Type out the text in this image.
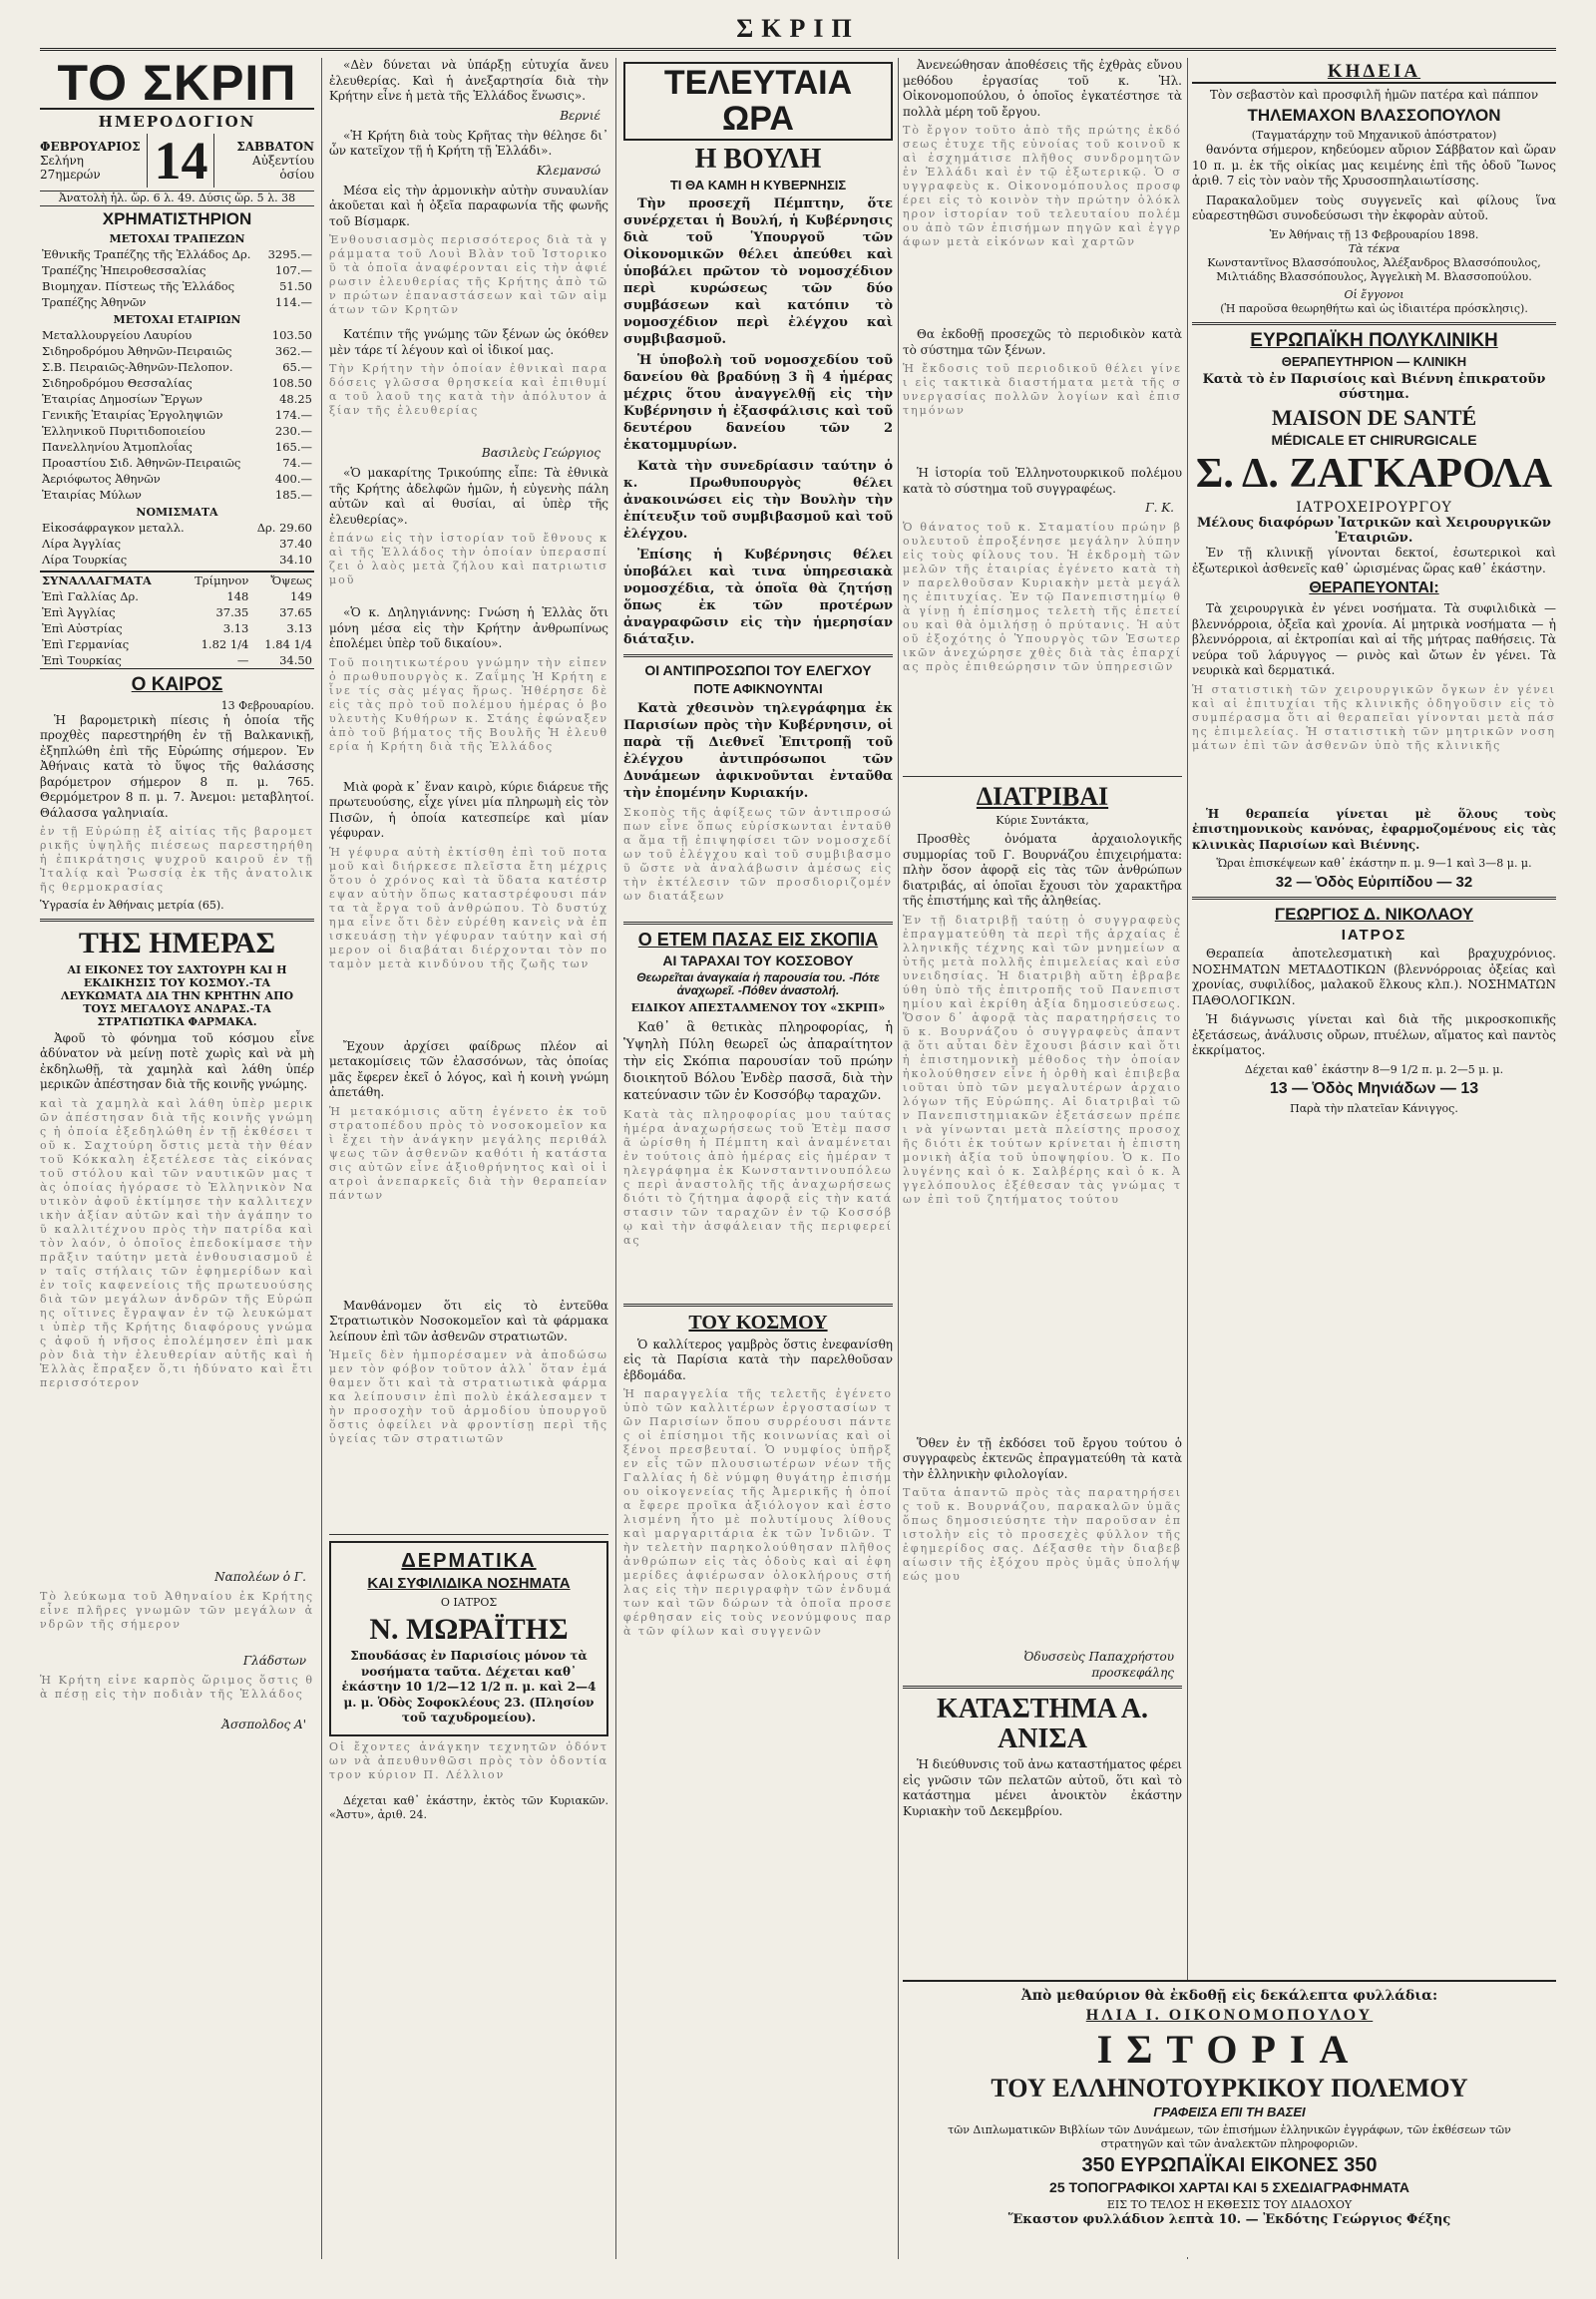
ΣΚΡΙΠ
ΤΟ ΣΚΡΙΠ
ΗΜΕΡΟΔΟΓΙΟΝ
ΦΕΒΡΟΥΑΡΙΟΣ
Σελήνη 27ημερών 14	ΣΑΒΒΑΤΟΝ
Αὐξεντίου ὁσίου
Ἀνατολὴ ἡλ. ὥρ. 6 λ. 49. Δύσις ὥρ. 5 λ. 38
ΧΡΗΜΑΤΙΣΤΗΡΙΟΝ
ΜΕΤΟΧΑΙ ΤΡΑΠΕΖΩΝ
Ἐθνικῆς Τραπέζης τῆς Ἑλλάδος Δρ.	3295.—
Τραπέζης Ἠπειροθεσσαλίας	107.—
Βιομηχαν. Πίστεως τῆς Ἑλλάδος	51.50
Τραπέζης Ἀθηνῶν	114.—
ΜΕΤΟΧΑΙ ΕΤΑΙΡΙΩΝ
Μεταλλουργείου Λαυρίου	103.50
Σιδηροδρόμου Ἀθηνῶν-Πειραιῶς	362.—
Σ.Β. Πειραιῶς-Ἀθηνῶν-Πελοπον.	65.—
Σιδηροδρόμου Θεσσαλίας	108.50
Ἑταιρίας Δημοσίων Ἔργων	48.25
Γενικῆς Ἑταιρίας Ἐργοληψιῶν	174.—
Ἑλληνικοῦ Πυριτιδοποιείου	230.—
Πανελληνίου Ἀτμοπλοΐας	165.—
Προαστίου Σιδ. Ἀθηνῶν-Πειραιῶς	74.—
Ἀεριόφωτος Ἀθηνῶν	400.—
Ἑταιρίας Μύλων	185.—
ΝΟΜΙΣΜΑΤΑ
Εἰκοσάφραγκον μεταλλ.	Δρ. 29.60
Λίρα Ἀγγλίας	37.40
Λίρα Τουρκίας	34.10
ΣΥΝΑΛΛΑΓΜΑΤΑ	Τρίμηνον	Ὄψεως
Ἐπὶ Γαλλίας Δρ.	148	149
Ἐπὶ Ἀγγλίας	37.35	37.65
Ἐπὶ Αὐστρίας	3.13	3.13
Ἐπὶ Γερμανίας	1.82 1/4	1.84 1/4
Ἐπὶ Τουρκίας	—	34.50
Ο ΚΑΙΡΟΣ
13 Φεβρουαρίου.

Ἡ βαρομετρικὴ πίεσις ἡ ὁποία τῆς προχθὲς παρεστηρήθη ἐν τῇ Βαλκανικῇ, ἐξηπλώθη ἐπὶ τῆς Εὐρώπης σήμερον. Ἐν Ἀθήναις κατὰ τὸ ὕψος τῆς θαλάσσης βαρόμετρον σήμερον 8 π. μ. 765. Θερμόμετρον 8 π. μ. 7. Ἀνεμοι: μεταβλητοί. Θάλασσα γαληνιαία.

ἐν τῇ Εὐρώπῃ ἐξ αἰτίας τῆς βαρομετρικῆς ὑψηλῆς πιέσεως παρεστηρήθη ἡ ἐπικράτησις ψυχροῦ καιροῦ ἐν τῇ Ἰταλίᾳ καὶ Ῥωσσίᾳ ἐκ τῆς ἀνατολικῆς θερμοκρασίας
Ὑγρασία ἐν Ἀθήναις μετρία (65).
ΤΗΣ ΗΜΕΡΑΣ
ΑΙ ΕΙΚΟΝΕΣ ΤΟΥ ΣΑΧΤΟΥΡΗ ΚΑΙ Η ΕΚΔΙΚΗΣΙΣ ΤΟΥ ΚΟΣΜΟΥ.-ΤΑ ΛΕΥΚΩΜΑΤΑ ΔΙΑ ΤΗΝ ΚΡΗΤΗΝ ΑΠΟ ΤΟΥΣ ΜΕΓΑΛΟΥΣ ΑΝΔΡΑΣ.-ΤΑ ΣΤΡΑΤΙΩΤΙΚΑ ΦΑΡΜΑΚΑ.

Ἀφοῦ τὸ φόνημα τοῦ κόσμου εἶνε ἀδύνατον νὰ μείνῃ ποτὲ χωρὶς καὶ νὰ μὴ ἐκδηλωθῇ, τὰ χαμηλὰ καὶ λάθη ὑπέρ μερικῶν ἀπέστησαν διὰ τῆς κοινῆς γνώμης.

καὶ τὰ χαμηλὰ καὶ λάθη ὑπὲρ μερικῶν ἀπέστησαν διὰ τῆς κοινῆς γνώμης ἡ ὁποία ἐξεδηλώθη ἐν τῇ ἐκθέσει τοῦ κ. Σαχτούρη ὅστις μετὰ τὴν θέαν τοῦ Κόκκαλη ἐξετέλεσε τὰς εἰκόνας τοῦ στόλου καὶ τῶν ναυτικῶν μας τὰς ὁποίας ἠγόρασε τὸ Ἑλληνικὸν Ναυτικὸν ἀφοῦ ἐκτίμησε τὴν καλλιτεχνικὴν ἀξίαν αὐτῶν καὶ τὴν ἀγάπην τοῦ καλλιτέχνου πρὸς τὴν πατρίδα καὶ τὸν λαόν, ὁ ὁποῖος ἐπεδοκίμασε τὴν πρᾶξιν ταύτην μετὰ ἐνθουσιασμοῦ ἐν ταῖς στήλαις τῶν ἐφημερίδων καὶ ἐν τοῖς καφενείοις τῆς πρωτευούσης διὰ τῶν μεγάλων ἀνδρῶν τῆς Εὐρώπης οἵτινες ἔγραψαν ἐν τῷ λευκώματι ὑπὲρ τῆς Κρήτης διαφόρους γνώμας ἀφοῦ ἡ νῆσος ἐπολέμησεν ἐπὶ μακρὸν διὰ τὴν ἐλευθερίαν αὐτῆς καὶ ἡ Ἑλλὰς ἔπραξεν ὅ,τι ἠδύνατο καὶ ἔτι περισσότερον
Ναπολέων ὁ Γ.
Τὸ λεύκωμα τοῦ Ἀθηναίου ἐκ Κρήτης εἶνε πλῆρες γνωμῶν τῶν μεγάλων ἀνδρῶν τῆς σήμερον
Γλάδστων
Ἡ Κρήτη εἶνε καρπὸς ὥριμος ὅστις θὰ πέσῃ εἰς τὴν ποδιὰν τῆς Ἑλλάδος
Ἀσσπολδος Α'

«Δὲν δύνεται νὰ ὑπάρξῃ εὐτυχία ἄνευ ἐλευθερίας. Καὶ ἡ ἀνεξαρτησία διὰ τὴν Κρήτην εἶνε ἡ μετὰ τῆς Ἑλλάδος ἕνωσις».

Βερνιέ

«Ἡ Κρήτη διὰ τοὺς Κρῆτας τὴν θέλησε δι᾿ ὧν κατεῖχον τῇ ἡ Κρήτη τῇ Ἑλλάδι».

Κλεμανσώ

Μέσα εἰς τὴν ἀρμονικὴν αὐτὴν συναυλίαν ἀκοῦεται καὶ ἡ ὀξεῖα παραφωνία τῆς φωνῆς τοῦ Βίσμαρκ.

Ἐνθουσιασμὸς περισσότερος διὰ τὰ γράμματα τοῦ Λουὶ Βλὰν τοῦ Ἱστορικοῦ τὰ ὁποῖα ἀναφέρονται εἰς τὴν ἀφιέρωσιν ἐλευθερίας τῆς Κρήτης ἀπὸ τῶν πρώτων ἐπαναστάσεων καὶ τῶν αἱμάτων τῶν Κρητῶν

Κατέπιν τῆς γνώμης τῶν ξένων ὡς ὁκόθεν μὲν τάρε τί λέγουν καὶ οἱ ἰδικοί μας.

Τὴν Κρήτην τὴν ὁποίαν ἐθνικαὶ παραδόσεις γλῶσσα θρησκεία καὶ ἐπιθυμία τοῦ λαοῦ της κατὰ τὴν ἀπόλυτον ἀξίαν τῆς ἐλευθερίας
Βασιλεὺς Γεώργιος

«Ὁ μακαρίτης Τρικούπης εἶπε: Τὰ ἐθνικὰ τῆς Κρήτης ἀδελφῶν ἡμῶν, ἡ εὐγενὴς πάλη αὐτῶν καὶ αἱ θυσίαι, αἱ ὑπὲρ τῆς ἐλευθερίας».

ἐπάνω εἰς τὴν ἱστορίαν τοῦ ἔθνους καὶ τῆς Ἑλλάδος τὴν ὁποίαν ὑπερασπίζει ὁ λαὸς μετὰ ζήλου καὶ πατριωτισμοῦ

«Ὁ κ. Δηληγιάννης: Γνώση ἡ Ἑλλὰς ὅτι μόνη μέσα εἰς τὴν Κρήτην ἀνθρωπίνως ἐπολέμει ὑπὲρ τοῦ δικαίου».

Τοῦ ποιητικωτέρου γνώμην τὴν εἶπεν ὁ πρωθυπουργὸς κ. Ζαΐμης Ἡ Κρήτη εἶνε τίς σὰς μέγας ἥρως. Ἠθέρησε δὲ εἰς τὰς πρὸ τοῦ πολέμου ἡμέρας ὁ βουλευτὴς Κυθήρων κ. Στάης ἐφώναξεν ἀπὸ τοῦ βήματος τῆς Βουλῆς Ἡ ἐλευθερία ἡ Κρήτη διὰ τῆς Ἑλλάδος

Μιὰ φορὰ κ᾿ ἕναν καιρὸ, κύριε διάρευε τῆς πρωτευούσης, εἶχε γίνει μία πληρωμὴ εἰς τὸν Πισῶν, ἡ ὁποία κατεσπείρε καὶ μίαν γέφυραν.

Ἡ γέφυρα αὐτὴ ἐκτίσθη ἐπὶ τοῦ ποταμοῦ καὶ διήρκεσε πλεῖστα ἔτη μέχρις ὅτου ὁ χρόνος καὶ τὰ ὕδατα κατέστρεψαν αὐτὴν ὅπως καταστρέφουσι πάντα τὰ ἔργα τοῦ ἀνθρώπου. Τὸ δυστύχημα εἶνε ὅτι δὲν εὑρέθη κανεὶς νὰ ἐπισκευάσῃ τὴν γέφυραν ταύτην καὶ σήμερον οἱ διαβάται διέρχονται τὸν ποταμὸν μετὰ κινδύνου τῆς ζωῆς των

Ἔχουν ἀρχίσει φαίδρως πλέον αἱ μετακομίσεις τῶν ἐλασσόνων, τὰς ὁποίας μᾶς ἔφερεν ἐκεῖ ὁ λόγος, καὶ ἡ κοινὴ γνώμη ἀπετάθη.

Ἡ μετακόμισις αὕτη ἐγένετο ἐκ τοῦ στρατοπέδου πρὸς τὸ νοσοκομεῖον καὶ ἔχει τὴν ἀνάγκην μεγάλης περιθάλψεως τῶν ἀσθενῶν καθότι ἡ κατάστασις αὐτῶν εἶνε ἀξιοθρήνητος καὶ οἱ ἰατροὶ ἀνεπαρκεῖς διὰ τὴν θεραπείαν πάντων

Μανθάνομεν ὅτι εἰς τὸ ἐντεῦθα Στρατιωτικὸν Νοσοκομεῖον καὶ τὰ φάρμακα λείπουν ἐπὶ τῶν ἀσθενῶν στρατιωτῶν.

Ἡμεῖς δὲν ἠμπορέσαμεν νὰ ἀποδώσωμεν τὸν φόβον τοῦτον ἀλλ᾿ ὅταν ἐμάθαμεν ὅτι καὶ τὰ στρατιωτικὰ φάρμακα λείπουσιν ἐπὶ πολὺ ἐκάλεσαμεν τὴν προσοχὴν τοῦ ἁρμοδίου ὑπουργοῦ ὅστις ὀφείλει νὰ φροντίσῃ περὶ τῆς ὑγείας τῶν στρατιωτῶν
ΔΕΡΜΑΤΙΚΑ
ΚΑΙ ΣΥΦΙΛΙΔΙΚΑ ΝΟΣΗΜΑΤΑ
Ο ΙΑΤΡΟΣ
Ν. ΜΩΡΑΪΤΗΣ

Σπουδάσας ἐν Παρισίοις μόνον τὰ νοσήματα ταῦτα. Δέχεται καθ᾿ ἑκάστην 10 1/2—12 1/2 π. μ. καὶ 2—4 μ. μ. Ὁδὸς Σοφοκλέους 23. (Πλησίον τοῦ ταχυδρομείου).

Οἱ ἔχοντες ἀνάγκην τεχνητῶν ὀδόντων νὰ ἀπευθυνθῶσι πρὸς τὸν ὀδοντίατρον κύριον Π. Λέλλιον

Δέχεται καθ᾿ ἑκάστην, ἐκτὸς τῶν Κυριακῶν. «Ἀστυ», ἀριθ. 24.

ΤΕΛΕΥΤΑΙΑ ΩΡΑ
Η ΒΟΥΛΗ
ΤΙ ΘΑ ΚΑΜΗ Η ΚΥΒΕΡΝΗΣΙΣ

Τὴν προσεχῆ Πέμπτην, ὅτε συνέρχεται ἡ Βουλή, ἡ Κυβέρνησις διὰ τοῦ Ὑπουργοῦ τῶν Οἰκονομικῶν θέλει ἀπεύθει καὶ ὑποβάλει πρῶτον τὸ νομοσχέδιον περὶ κυρώσεως τῶν δύο συμβάσεων καὶ κατόπιν τὸ νομοσχέδιον περὶ ἐλέγχου καὶ συμβιβασμοῦ.

Ἡ ὑποβολὴ τοῦ νομοσχεδίου τοῦ δανείου θὰ βραδύνῃ 3 ἢ 4 ἡμέρας μέχρις ὅτου ἀναγγελθῇ εἰς τὴν Κυβέρνησιν ἡ ἐξασφάλισις καὶ τοῦ δευτέρου δανείου τῶν 2 ἑκατομμυρίων.

Κατὰ τὴν συνεδρίασιν ταύτην ὁ κ. Πρωθυπουργὸς θέλει ἀνακοινώσει εἰς τὴν Βουλὴν τὴν ἐπίτευξιν τοῦ συμβιβασμοῦ καὶ τοῦ ἐλέγχου.

Ἐπίσης ἡ Κυβέρνησις θέλει ὑποβάλει καὶ τινα ὑπηρεσιακὰ νομοσχέδια, τὰ ὁποῖα θὰ ζητήσῃ ὅπως ἐκ τῶν προτέρων ἀναγραφῶσιν εἰς τὴν ἡμερησίαν διάταξιν.

ΟΙ ΑΝΤΙΠΡΟΣΩΠΟΙ ΤΟΥ ΕΛΕΓΧΟΥ
ΠΟΤΕ ΑΦΙΚΝΟΥΝΤΑΙ

Κατὰ χθεσινὸν τηλεγράφημα ἐκ Παρισίων πρὸς τὴν Κυβέρνησιν, οἱ παρὰ τῇ Διεθνεῖ Ἐπιτροπῇ τοῦ ἐλέγχου ἀντιπρόσωποι τῶν Δυνάμεων ἀφικνοῦνται ἐνταῦθα τὴν ἐπομένην Κυριακήν.

Σκοπὸς τῆς ἀφίξεως τῶν ἀντιπροσώπων εἶνε ὅπως εὑρίσκωνται ἐνταῦθα ἅμα τῇ ἐπιψηφίσει τῶν νομοσχεδίων τοῦ ἐλέγχου καὶ τοῦ συμβιβασμοῦ ὥστε νὰ ἀναλάβωσιν ἀμέσως εἰς τὴν ἐκτέλεσιν τῶν προσδιοριζομένων διατάξεων
Ο ΕΤΕΜ ΠΑΣΑΣ ΕΙΣ ΣΚΟΠΙΑ
ΑΙ ΤΑΡΑΧΑΙ ΤΟΥ ΚΟΣΣΟΒΟΥ
Θεωρεῖται ἀναγκαία ἡ παρουσία του. -Πότε ἀναχωρεῖ. -Πόθεν ἀναστολή.
ΕΙΔΙΚΟΥ ΑΠΕΣΤΑΛΜΕΝΟΥ ΤΟΥ «ΣΚΡΙΠ»

Καθ᾿ ἃ θετικὰς πληροφορίας, ἡ Ὑψηλὴ Πύλη θεωρεῖ ὡς ἀπαραίτητον τὴν εἰς Σκόπια παρουσίαν τοῦ πρώην διοικητοῦ Βόλου Ἐνδὲρ πασσᾶ, διὰ τὴν κατεύνασιν τῶν ἐν Κοσσόβῳ ταραχῶν.

Κατὰ τὰς πληροφορίας μου ταύτας ἡμέρα ἀναχωρήσεως τοῦ Ἐτὲμ πασσᾶ ὡρίσθη ἡ Πέμπτη καὶ ἀναμένεται ἐν τούτοις ἀπὸ ἡμέρας εἰς ἡμέραν τηλεγράφημα ἐκ Κωνσταντινουπόλεως περὶ ἀναστολῆς τῆς ἀναχωρήσεως διότι τὸ ζήτημα ἀφορᾷ εἰς τὴν κατάστασιν τῶν ταραχῶν ἐν τῷ Κοσσόβῳ καὶ τὴν ἀσφάλειαν τῆς περιφερείας
ΤΟΥ ΚΟΣΜΟΥ

Ὁ καλλίτερος γαμβρὸς ὅστις ἐνεφανίσθη εἰς τὰ Παρίσια κατὰ τὴν παρελθοῦσαν ἑβδομάδα.

Ἡ παραγγελία τῆς τελετῆς ἐγένετο ὑπὸ τῶν καλλιτέρων ἐργοστασίων τῶν Παρισίων ὅπου συρρέουσι πάντες οἱ ἐπίσημοι τῆς κοινωνίας καὶ οἱ ξένοι πρεσβευταί. Ὁ νυμφίος ὑπῆρξεν εἷς τῶν πλουσιωτέρων νέων τῆς Γαλλίας ἡ δὲ νύμφη θυγάτηρ ἐπισήμου οἰκογενείας τῆς Ἀμερικῆς ἡ ὁποία ἔφερε προῖκα ἀξιόλογον καὶ ἐστολισμένη ἦτο μὲ πολυτίμους λίθους καὶ μαργαριτάρια ἐκ τῶν Ἰνδιῶν. Τὴν τελετὴν παρηκολούθησαν πλῆθος ἀνθρώπων εἰς τὰς ὁδοὺς καὶ αἱ ἐφημερίδες ἀφιέρωσαν ὁλοκλήρους στήλας εἰς τὴν περιγραφὴν τῶν ἐνδυμάτων καὶ τῶν δώρων τὰ ὁποῖα προσεφέρθησαν εἰς τοὺς νεονύμφους παρὰ τῶν φίλων καὶ συγγενῶν

Ἀνενεώθησαν ἀποθέσεις τῆς ἐχθρὰς εὔνου μεθόδου ἐργασίας τοῦ κ. Ἡλ. Οἰκονομοπούλου, ὁ ὁποῖος ἐγκατέστησε τὰ πολλὰ μέρη τοῦ ἔργου.

Τὸ ἔργον τοῦτο ἀπὸ τῆς πρώτης ἐκδόσεως ἐτυχε τῆς εὐνοίας τοῦ κοινοῦ καὶ ἐσχημάτισε πλῆθος συνδρομητῶν ἐν Ἑλλάδι καὶ ἐν τῷ ἐξωτερικῷ. Ὁ συγγραφεὺς κ. Οἰκονομόπουλος προσφέρει εἰς τὸ κοινὸν τὴν πρώτην ὁλόκληρον ἱστορίαν τοῦ τελευταίου πολέμου ἀπὸ τῶν ἐπισήμων πηγῶν καὶ ἐγγράφων μετὰ εἰκόνων καὶ χαρτῶν

Θα ἐκδοθῇ προσεχῶς τὸ περιοδικὸν κατὰ τὸ σύστημα τῶν ξένων.

Ἡ ἔκδοσις τοῦ περιοδικοῦ θέλει γίνει εἰς τακτικὰ διαστήματα μετὰ τῆς συνεργασίας πολλῶν λογίων καὶ ἐπιστημόνων

Ἡ ἱστορία τοῦ Ἑλληνοτουρκικοῦ πολέμου κατὰ τὸ σύστημα τοῦ συγγραφέως.

Γ. Κ.
Ὁ θάνατος τοῦ κ. Σταματίου πρώην βουλευτοῦ ἐπροξένησε μεγάλην λύπην εἰς τοὺς φίλους του. Ἡ ἐκδρομὴ τῶν μελῶν τῆς ἑταιρίας ἐγένετο κατὰ τὴν παρελθοῦσαν Κυριακὴν μετὰ μεγάλης ἐπιτυχίας. Ἐν τῷ Πανεπιστημίῳ θὰ γίνῃ ἡ ἐπίσημος τελετὴ τῆς ἐπετείου καὶ θὰ ὁμιλήσῃ ὁ πρύτανις. Ἡ αὐτοῦ ἐξοχότης ὁ Ὑπουργὸς τῶν Ἐσωτερικῶν ἀνεχώρησε χθὲς διὰ τὰς ἐπαρχίας πρὸς ἐπιθεώρησιν τῶν ὑπηρεσιῶν
ΔΙΑΤΡΙΒΑΙ
Κύριε Συντάκτα,

Προσθὲς ὀνόματα ἀρχαιολογικῆς συμμορίας τοῦ Γ. Βουρνάζου ἐπιχειρήματα: πλὴν ὅσον ἀφορᾷ εἰς τὰς τῶν ἀνθρώπων διατριβάς, αἱ ὁποῖαι ἔχουσι τὸν χαρακτῆρα τῆς ἐπιστήμης καὶ τῆς ἀληθείας.

Ἐν τῇ διατριβῇ ταύτῃ ὁ συγγραφεὺς ἐπραγματεύθη τὰ περὶ τῆς ἀρχαίας ἑλληνικῆς τέχνης καὶ τῶν μνημείων αὐτῆς μετὰ πολλῆς ἐπιμελείας καὶ εὐσυνειδησίας. Ἡ διατριβὴ αὕτη ἐβραβεύθη ὑπὸ τῆς ἐπιτροπῆς τοῦ Πανεπιστημίου καὶ ἐκρίθη ἀξία δημοσιεύσεως. Ὅσον δ᾿ ἀφορᾷ τὰς παρατηρήσεις τοῦ κ. Βουρνάζου ὁ συγγραφεὺς ἀπαντᾷ ὅτι αὗται δὲν ἔχουσι βάσιν καὶ ὅτι ἡ ἐπιστημονικὴ μέθοδος τὴν ὁποίαν ἠκολούθησεν εἶνε ἡ ὀρθὴ καὶ ἐπιβεβαιοῦται ὑπὸ τῶν μεγαλυτέρων ἀρχαιολόγων τῆς Εὐρώπης. Αἱ διατριβαὶ τῶν Πανεπιστημιακῶν ἐξετάσεων πρέπει νὰ γίνωνται μετὰ πλείστης προσοχῆς διότι ἐκ τούτων κρίνεται ἡ ἐπιστημονικὴ ἀξία τοῦ ὑποψηφίου. Ὁ κ. Πολυγένης καὶ ὁ κ. Σαλβέρης καὶ ὁ κ. Ἀγγελόπουλος ἐξέθεσαν τὰς γνώμας των ἐπὶ τοῦ ζητήματος τούτου

Ὅθεν ἐν τῇ ἐκδόσει τοῦ ἔργου τούτου ὁ συγγραφεὺς ἐκτενῶς ἐπραγματεύθη τὰ κατὰ τὴν ἑλληνικὴν φιλολογίαν.

Ταῦτα ἀπαντῶ πρὸς τὰς παρατηρήσεις τοῦ κ. Βουρνάζου, παρακαλῶν ὑμᾶς ὅπως δημοσιεύσητε τὴν παροῦσαν ἐπιστολὴν εἰς τὸ προσεχὲς φύλλον τῆς ἐφημερίδος σας. Δέξασθε τὴν διαβεβαίωσιν τῆς ἐξόχου πρὸς ὑμᾶς ὑπολήψεώς μου
Ὀδυσσεὺς Παπαχρήστου
προσκεφάλης
ΚΑΤΑΣΤΗΜΑ Α. ΑΝΙΣΑ

Ἡ διεύθυνσις τοῦ ἀνω καταστήματος φέρει εἰς γνῶσιν τῶν πελατῶν αὐτοῦ, ὅτι καὶ τὸ κατάστημα μένει ἀνοικτὸν ἐκάστην Κυριακὴν τοῦ Δεκεμβρίου.

ΚΗΔΕΙΑ

Τὸν σεβαστὸν καὶ προσφιλῆ ἡμῶν πατέρα καὶ πάππον

ΤΗΛΕΜΑΧΟΝ ΒΛΑΣΣΟΠΟΥΛΟΝ
(Ταγματάρχην τοῦ Μηχανικοῦ ἀπόστρατον)

θανόντα σήμερον, κηδεύομεν αὔριον Σάββατον καὶ ὥραν 10 π. μ. ἐκ τῆς οἰκίας μας κειμένης ἐπὶ τῆς ὁδοῦ Ἴωνος ἀριθ. 7 εἰς τὸν ναὸν τῆς Χρυσοσπηλαιωτίσσης.

Παρακαλοῦμεν τοὺς συγγενεῖς καὶ φίλους ἵνα εὐαρεστηθῶσι συνοδεύσωσι τὴν ἐκφορὰν αὐτοῦ.

Ἐν Ἀθήναις τῇ 13 Φεβρουαρίου 1898.
Τὰ τέκνα

Κωνσταντῖνος Βλασσόπουλος, Ἀλέξανδρος Βλασσόπουλος, Μιλτιάδης Βλασσόπουλος, Ἀγγελικὴ Μ. Βλασσοπούλου.

Οἱ ἔγγονοι
(Ἡ παροῦσα θεωρηθήτω καὶ ὡς ἰδιαιτέρα πρόσκλησις).
ΕΥΡΩΠΑΪΚΗ ΠΟΛΥΚΛΙΝΙΚΗ
ΘΕΡΑΠΕΥΤΗΡΙΟΝ — ΚΛΙΝΙΚΗ
Κατὰ τὸ ἐν Παρισίοις καὶ Βιέννη ἐπικρατοῦν σύστημα.
MAISON DE SANTÉ
MÉDICALE ET CHIRURGICALE
Σ. Δ. ΖΑΓΚΑΡΟΛΑ
ΙΑΤΡΟΧΕΙΡΟΥΡΓΟΥ
Μέλους διαφόρων Ἰατρικῶν καὶ Χειρουργικῶν Ἑταιριῶν.

Ἐν τῇ κλινικῇ γίνονται δεκτοί, ἐσωτερικοὶ καὶ ἐξωτερικοὶ ἀσθενεῖς καθ᾿ ὡρισμένας ὥρας καθ᾿ ἑκάστην.

ΘΕΡΑΠΕΥΟΝΤΑΙ:

Τὰ χειρουργικὰ ἐν γένει νοσήματα. Τὰ συφιλιδικὰ — βλεννόρροια, ὀξεῖα καὶ χρονία. Αἱ μητρικὰ νοσήματα — ἡ βλεννόρροια, αἱ ἐκτροπίαι καὶ αἱ τῆς μήτρας παθήσεις. Τὰ νεύρα τοῦ λάρυγγος — ρινὸς καὶ ὤτων ἐν γένει. Τὰ νευρικὰ καὶ δερματικά.

Ἡ στατιστικὴ τῶν χειρουργικῶν ὄγκων ἐν γένει καὶ αἱ ἐπιτυχίαι τῆς κλινικῆς ὁδηγοῦσιν εἰς τὸ συμπέρασμα ὅτι αἱ θεραπεῖαι γίνονται μετὰ πάσης ἐπιμελείας. Ἡ στατιστικὴ τῶν μητρικῶν νοσημάτων ἐπὶ τῶν ἀσθενῶν ὑπὸ τῆς κλινικῆς

Ἡ θεραπεία γίνεται μὲ ὅλους τοὺς ἐπιστημονικοὺς κανόνας, ἐφαρμοζομένους εἰς τὰς κλινικὰς Παρισίων καὶ Βιέννης.

Ὥραι ἐπισκέψεων καθ᾿ ἑκάστην π. μ. 9—1 καὶ 3—8 μ. μ.
32 — Ὁδὸς Εὐριπίδου — 32
ΓΕΩΡΓΙΟΣ Δ. ΝΙΚΟΛΑΟΥ
ΙΑΤΡΟΣ

Θεραπεία ἀποτελεσματικὴ καὶ βραχυχρόνιος. ΝΟΣΗΜΑΤΩΝ ΜΕΤΑΔΟΤΙΚΩΝ (βλεννόρροιας ὀξείας καὶ χρονίας, συφιλίδος, μαλακοῦ ἕλκους κλπ.). ΝΟΣΗΜΑΤΩΝ ΠΑΘΟΛΟΓΙΚΩΝ.

Ἡ διάγνωσις γίνεται καὶ διὰ τῆς μικροσκοπικῆς ἐξετάσεως, ἀνάλυσις οὔρων, πτυέλων, αἵματος καὶ παντὸς ἐκκρίματος.

Δέχεται καθ᾿ ἑκάστην 8—9 1/2 π. μ. 2—5 μ. μ.
13 — Ὁδὸς Μηνιάδων — 13
Παρὰ τὴν πλατεῖαν Κάνιγγος.
Ἀπὸ μεθαύριον θὰ ἐκδοθῇ εἰς δεκάλεπτα φυλλάδια:
ΗΛΙΑ Ι. ΟΙΚΟΝΟΜΟΠΟΥΛΟΥ
ΙΣΤΟΡΙΑ
ΤΟΥ ΕΛΛΗΝΟΤΟΥΡΚΙΚΟΥ ΠΟΛΕΜΟΥ
ΓΡΑΦΕΙΣΑ ΕΠΙ ΤΗ ΒΑΣΕΙ
τῶν Διπλωματικῶν Βιβλίων τῶν Δυνάμεων, τῶν ἐπισήμων ἑλληνικῶν ἐγγράφων, τῶν ἐκθέσεων τῶν στρατηγῶν καὶ τῶν ἀναλεκτῶν πληροφοριῶν.
350 ΕΥΡΩΠΑΪΚΑΙ ΕΙΚΟΝΕΣ 350
25 ΤΟΠΟΓΡΑΦΙΚΟΙ ΧΑΡΤΑΙ ΚΑΙ 5 ΣΧΕΔΙΑΓΡΑΦΗΜΑΤΑ
ΕΙΣ ΤΟ ΤΕΛΟΣ Η ΕΚΘΕΣΙΣ ΤΟΥ ΔΙΑΔΟΧΟΥ
Ἕκαστον φυλλάδιον λεπτὰ 10. — Ἐκδότης Γεώργιος Φέξης
